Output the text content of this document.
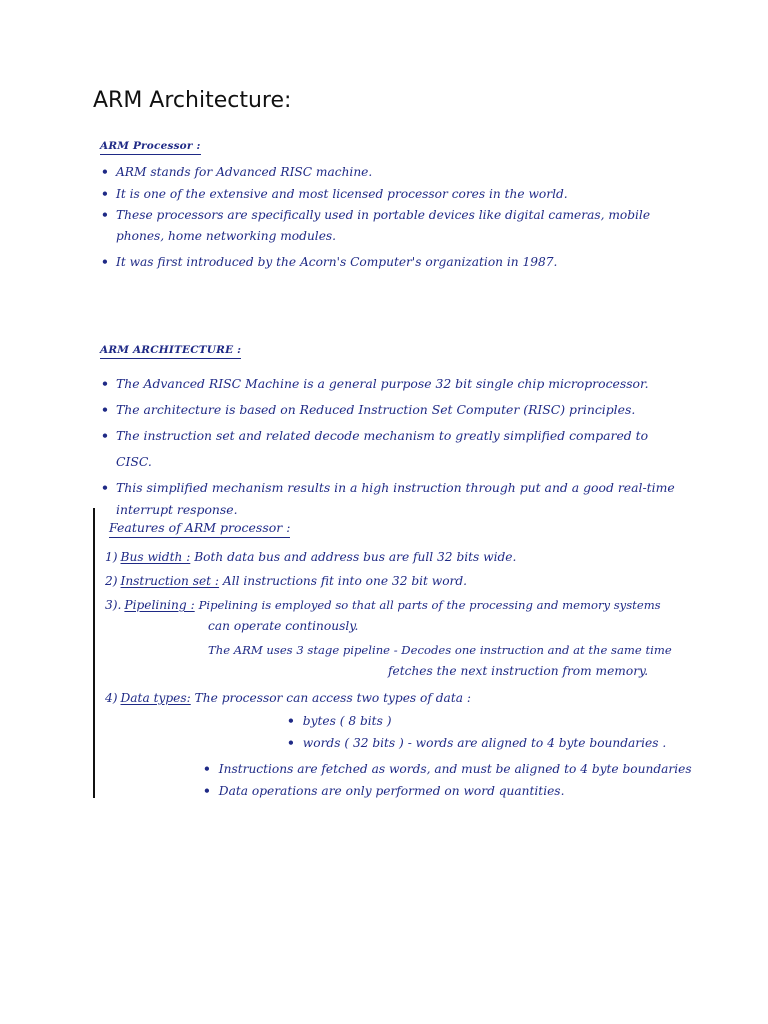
ARM Architecture:
ARM Processor :
• ARM stands for Advanced RISC machine.
• It is one of the extensive and most licensed processor cores in the world.
• These processors are specifically used in portable devices like digital cameras, mobile phones, home networking modules.
• It was first introduced by the Acorn's Computer's organization in 1987.
ARM ARCHITECTURE :
• The Advanced RISC Machine is a general purpose 32 bit single chip microprocessor.
• The architecture is based on Reduced Instruction Set Computer (RISC) principles.
• The instruction set and related decode mechanism to greatly simplified compared to CISC.
• This simplified mechanism results in a high instruction through put and a good real-time interrupt response.
Features of ARM processor :
1) Bus width : Both data bus and address bus are full 32 bits wide.
2) Instruction set : All instructions fit into one 32 bit word.
3). Pipelining : Pipelining is employed so that all parts of the processing and memory systems
can operate continously.
The ARM uses 3 stage pipeline - Decodes one instruction and at the same time
fetches the next instruction from memory.
4) Data types: The processor can access two types of data :
• bytes ( 8 bits )
• words ( 32 bits ) - words are aligned to 4 byte boundaries .
• Instructions are fetched as words, and must be aligned to 4 byte boundaries
• Data operations are only performed on word quantities.
